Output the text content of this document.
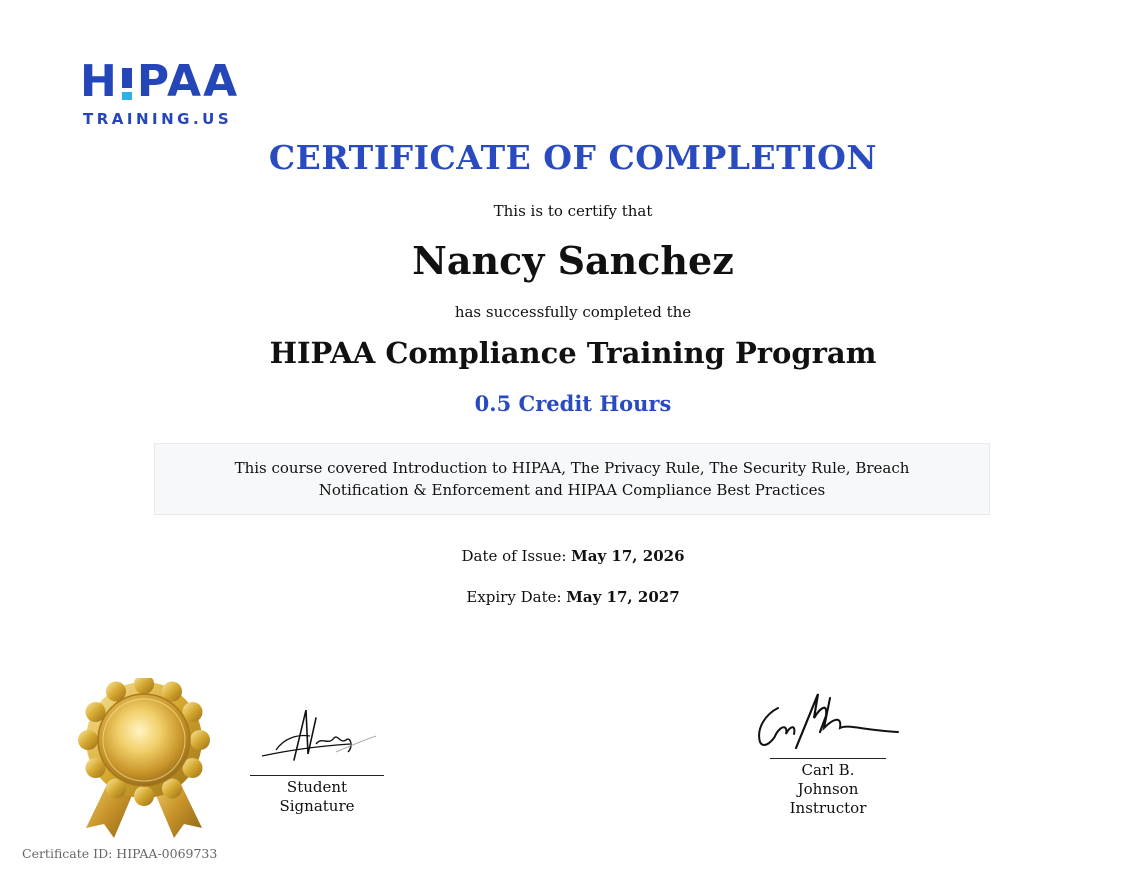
H PAA
TRAINING.US
CERTIFICATE OF COMPLETION
This is to certify that
Nancy Sanchez
has successfully completed the
HIPAA Compliance Training Program
0.5 Credit Hours
This course covered Introduction to HIPAA, The Privacy Rule, The Security Rule, Breach Notification & Enforcement and HIPAA Compliance Best Practices
Date of Issue: May 17, 2026
Expiry Date: May 17, 2027
Student Signature
Carl B. Johnson
Instructor
Certificate ID: HIPAA-0069733
